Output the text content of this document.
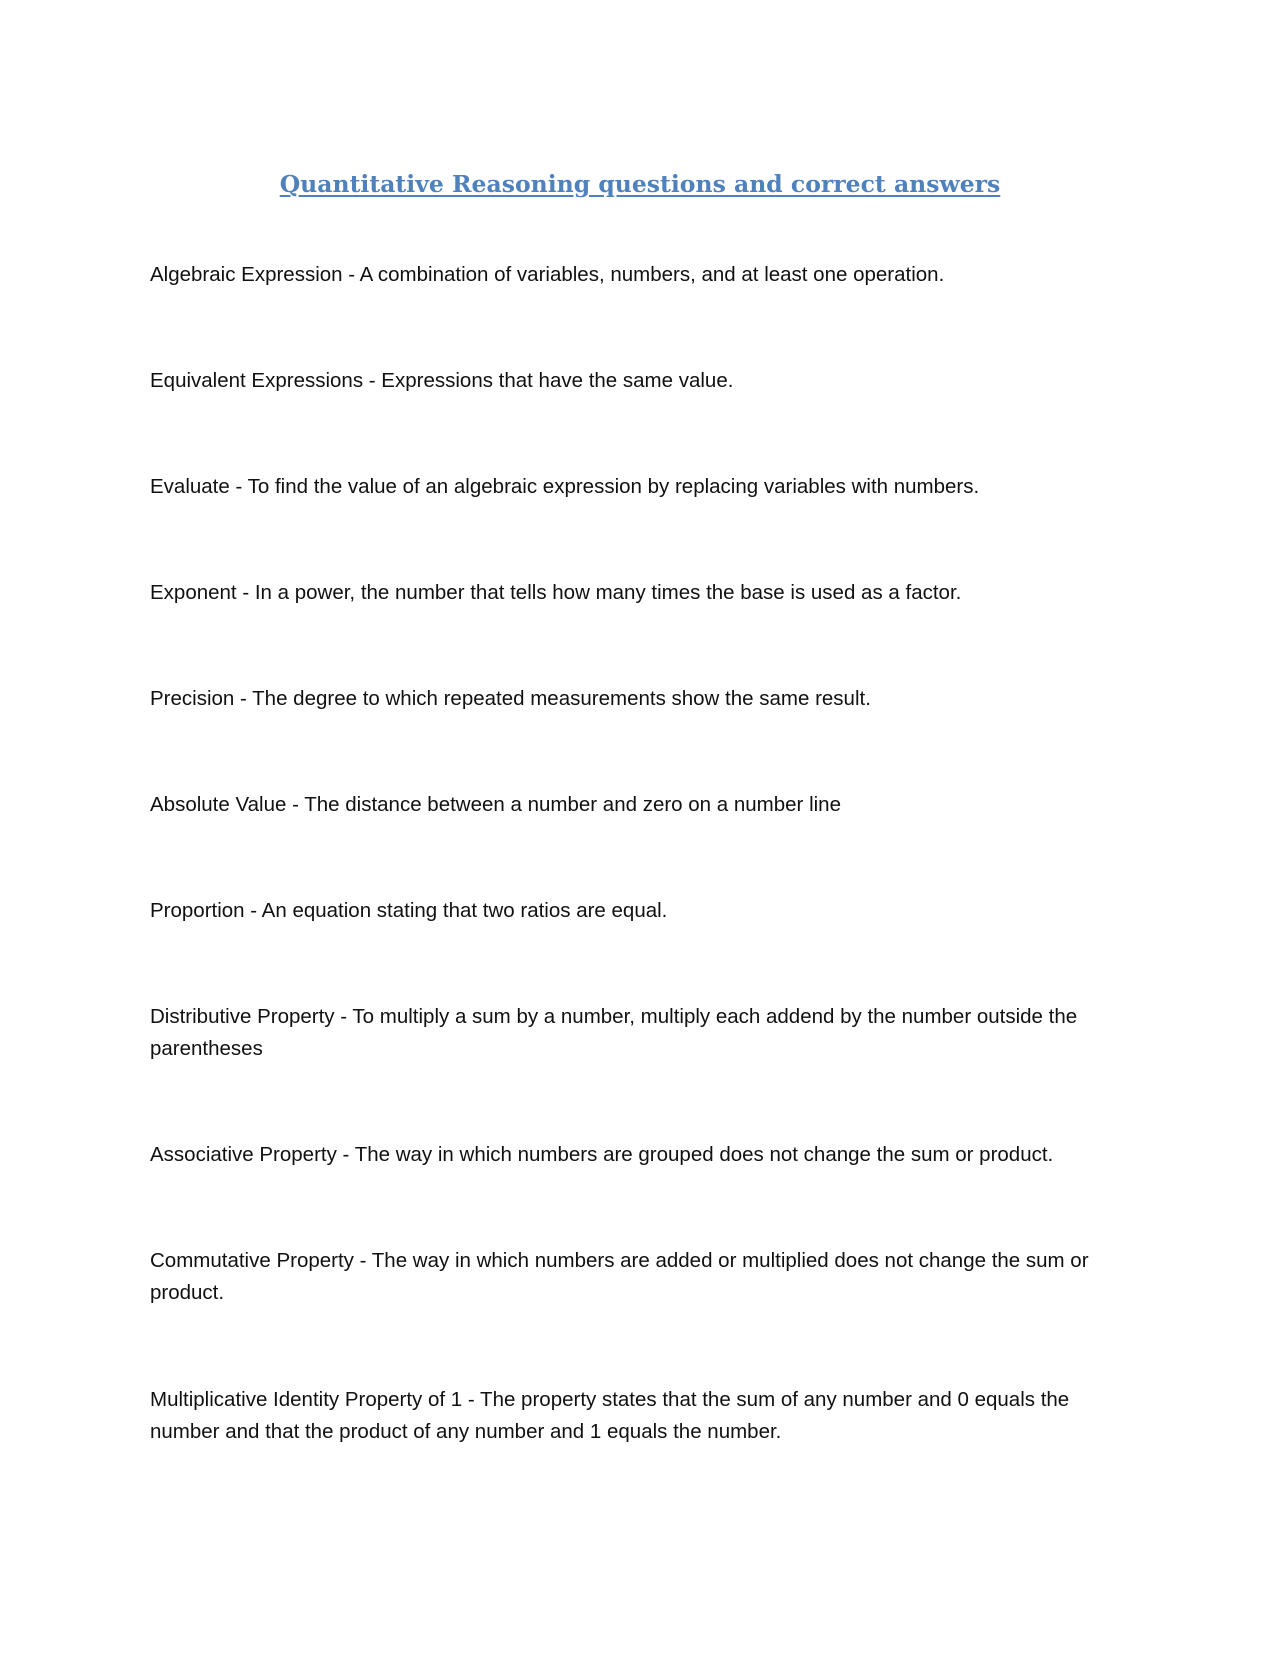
Quantitative Reasoning questions and correct answers

Algebraic Expression - A combination of variables, numbers, and at least one operation.

Equivalent Expressions - Expressions that have the same value.

Evaluate - To find the value of an algebraic expression by replacing variables with numbers.

Exponent - In a power, the number that tells how many times the base is used as a factor.

Precision - The degree to which repeated measurements show the same result.

Absolute Value - The distance between a number and zero on a number line

Proportion - An equation stating that two ratios are equal.

Distributive Property - To multiply a sum by a number, multiply each addend by the number outside the parentheses

Associative Property - The way in which numbers are grouped does not change the sum or product.

Commutative Property - The way in which numbers are added or multiplied does not change the sum or product.

Multiplicative Identity Property of 1 - The property states that the sum of any number and 0 equals the number and that the product of any number and 1 equals the number.
